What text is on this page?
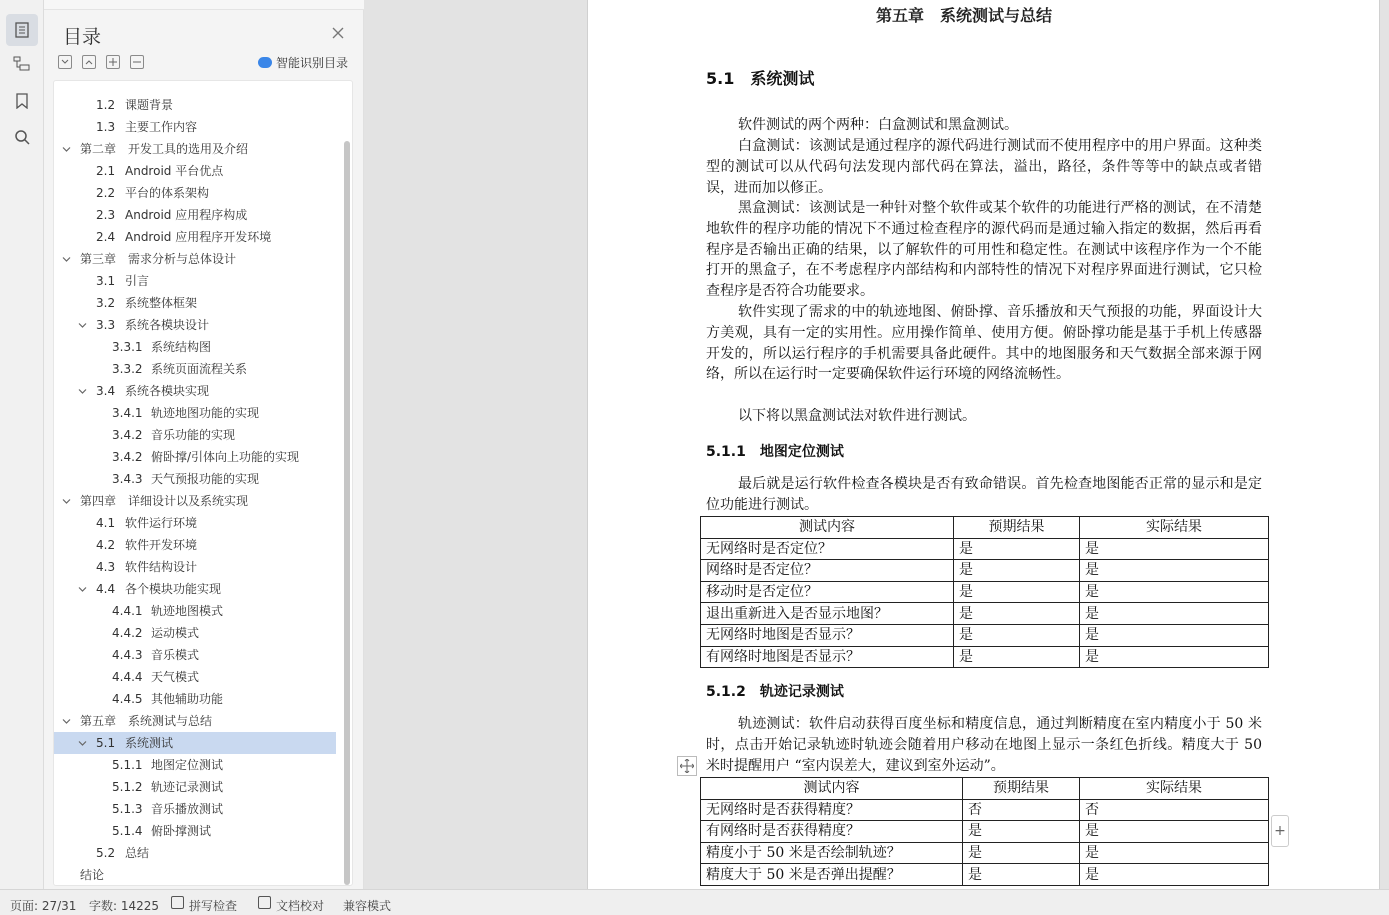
目录
智能识别目录
1.2 课题背景
1.3 主要工作内容
第二章 开发工具的选用及介绍
2.1 Android 平台优点
2.2 平台的体系架构
2.3 Android 应用程序构成
2.4 Android 应用程序开发环境
第三章 需求分析与总体设计
3.1 引言
3.2 系统整体框架
3.3 系统各模块设计
3.3.1 系统结构图
3.3.2 系统页面流程关系
3.4 系统各模块实现
3.4.1 轨迹地图功能的实现
3.4.2 音乐功能的实现
3.4.2 俯卧撑/引体向上功能的实现
3.4.3 天气预报功能的实现
第四章 详细设计以及系统实现
4.1 软件运行环境
4.2 软件开发环境
4.3 软件结构设计
4.4 各个模块功能实现
4.4.1 轨迹地图模式
4.4.2 运动模式
4.4.3 音乐模式
4.4.4 天气模式
4.4.5 其他辅助功能
第五章 系统测试与总结
5.1 系统测试
5.1.1 地图定位测试
5.1.2 轨迹记录测试
5.1.3 音乐播放测试
5.1.4 俯卧撑测试
5.2 总结
结论
第五章　系统测试与总结
5.1　系统测试
软件测试的两个两种：白盒测试和黑盒测试。
白盒测试：该测试是通过程序的源代码进行测试而不使用程序中的用户界面。这种类型的测试可以从代码句法发现内部代码在算法，溢出，路径，条件等等中的缺点或者错误，进而加以修正。
黑盒测试：该测试是一种针对整个软件或某个软件的功能进行严格的测试，在不清楚地软件的程序功能的情况下不通过检查程序的源代码而是通过输入指定的数据，然后再看程序是否输出正确的结果，以了解软件的可用性和稳定性。在测试中该程序作为一个不能打开的黑盒子，在不考虑程序内部结构和内部特性的情况下对程序界面进行测试，它只检查程序是否符合功能要求。
软件实现了需求的中的轨迹地图、俯卧撑、音乐播放和天气预报的功能，界面设计大方美观，具有一定的实用性。应用操作简单、使用方便。俯卧撑功能是基于手机上传感器开发的，所以运行程序的手机需要具备此硬件。其中的地图服务和天气数据全部来源于网络，所以在运行时一定要确保软件运行环境的网络流畅性。
以下将以黑盒测试法对软件进行测试。
5.1.1　地图定位测试
最后就是运行软件检查各模块是否有致命错误。首先检查地图能否正常的显示和是定位功能进行测试。
测试内容	预期结果	实际结果
无网络时是否定位？	是	是
网络时是否定位？	是	是
移动时是否定位？	是	是
退出重新进入是否显示地图？	是	是
无网络时地图是否显示？	是	是
有网络时地图是否显示？	是	是
5.1.2　轨迹记录测试
轨迹测试：软件启动获得百度坐标和精度信息，通过判断精度在室内精度小于 50 米时，点击开始记录轨迹时轨迹会随着用户移动在地图上显示一条红色折线。精度大于 50 米时提醒用户 “室内误差大，建议到室外运动”。
测试内容	预期结果	实际结果
无网络时是否获得精度？	否	否
有网络时是否获得精度？	是	是
精度小于 50 米是否绘制轨迹？	是	是
精度大于 50 米是否弹出提醒？	是	是
+
页面: 27/31 字数: 14225 拼写检查	文档校对 兼容模式
